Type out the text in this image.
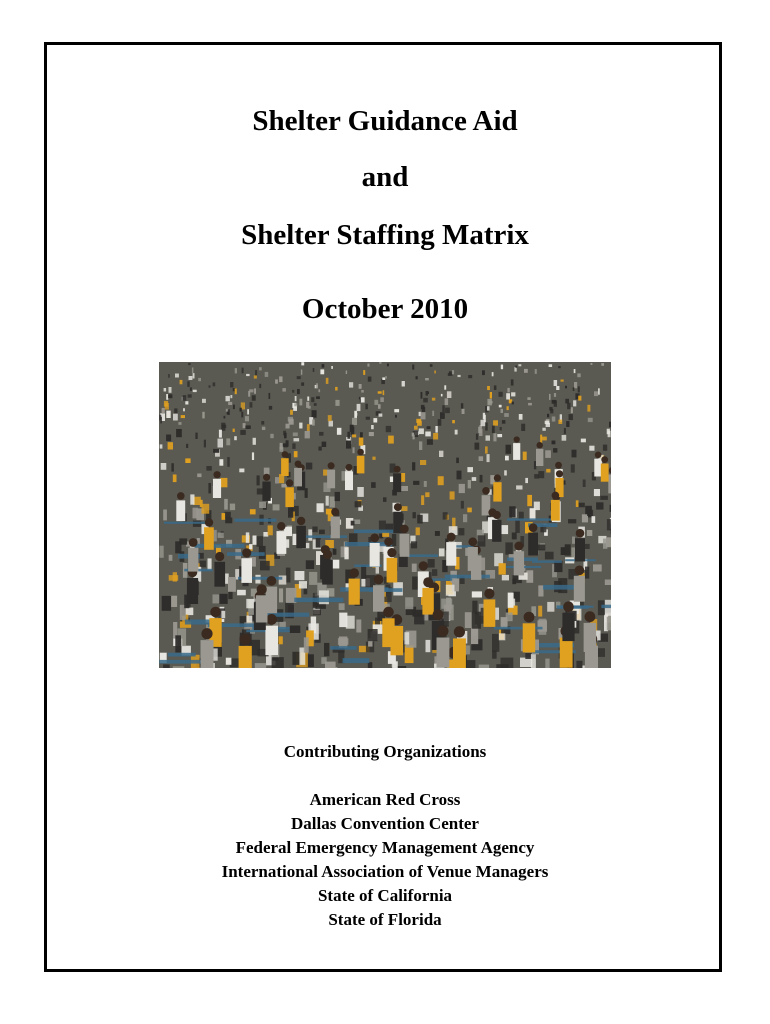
Shelter Guidance Aid
and
Shelter Staffing Matrix
October 2010
Contributing Organizations
American Red Cross
Dallas Convention Center
Federal Emergency Management Agency
International Association of Venue Managers
State of California
State of Florida
